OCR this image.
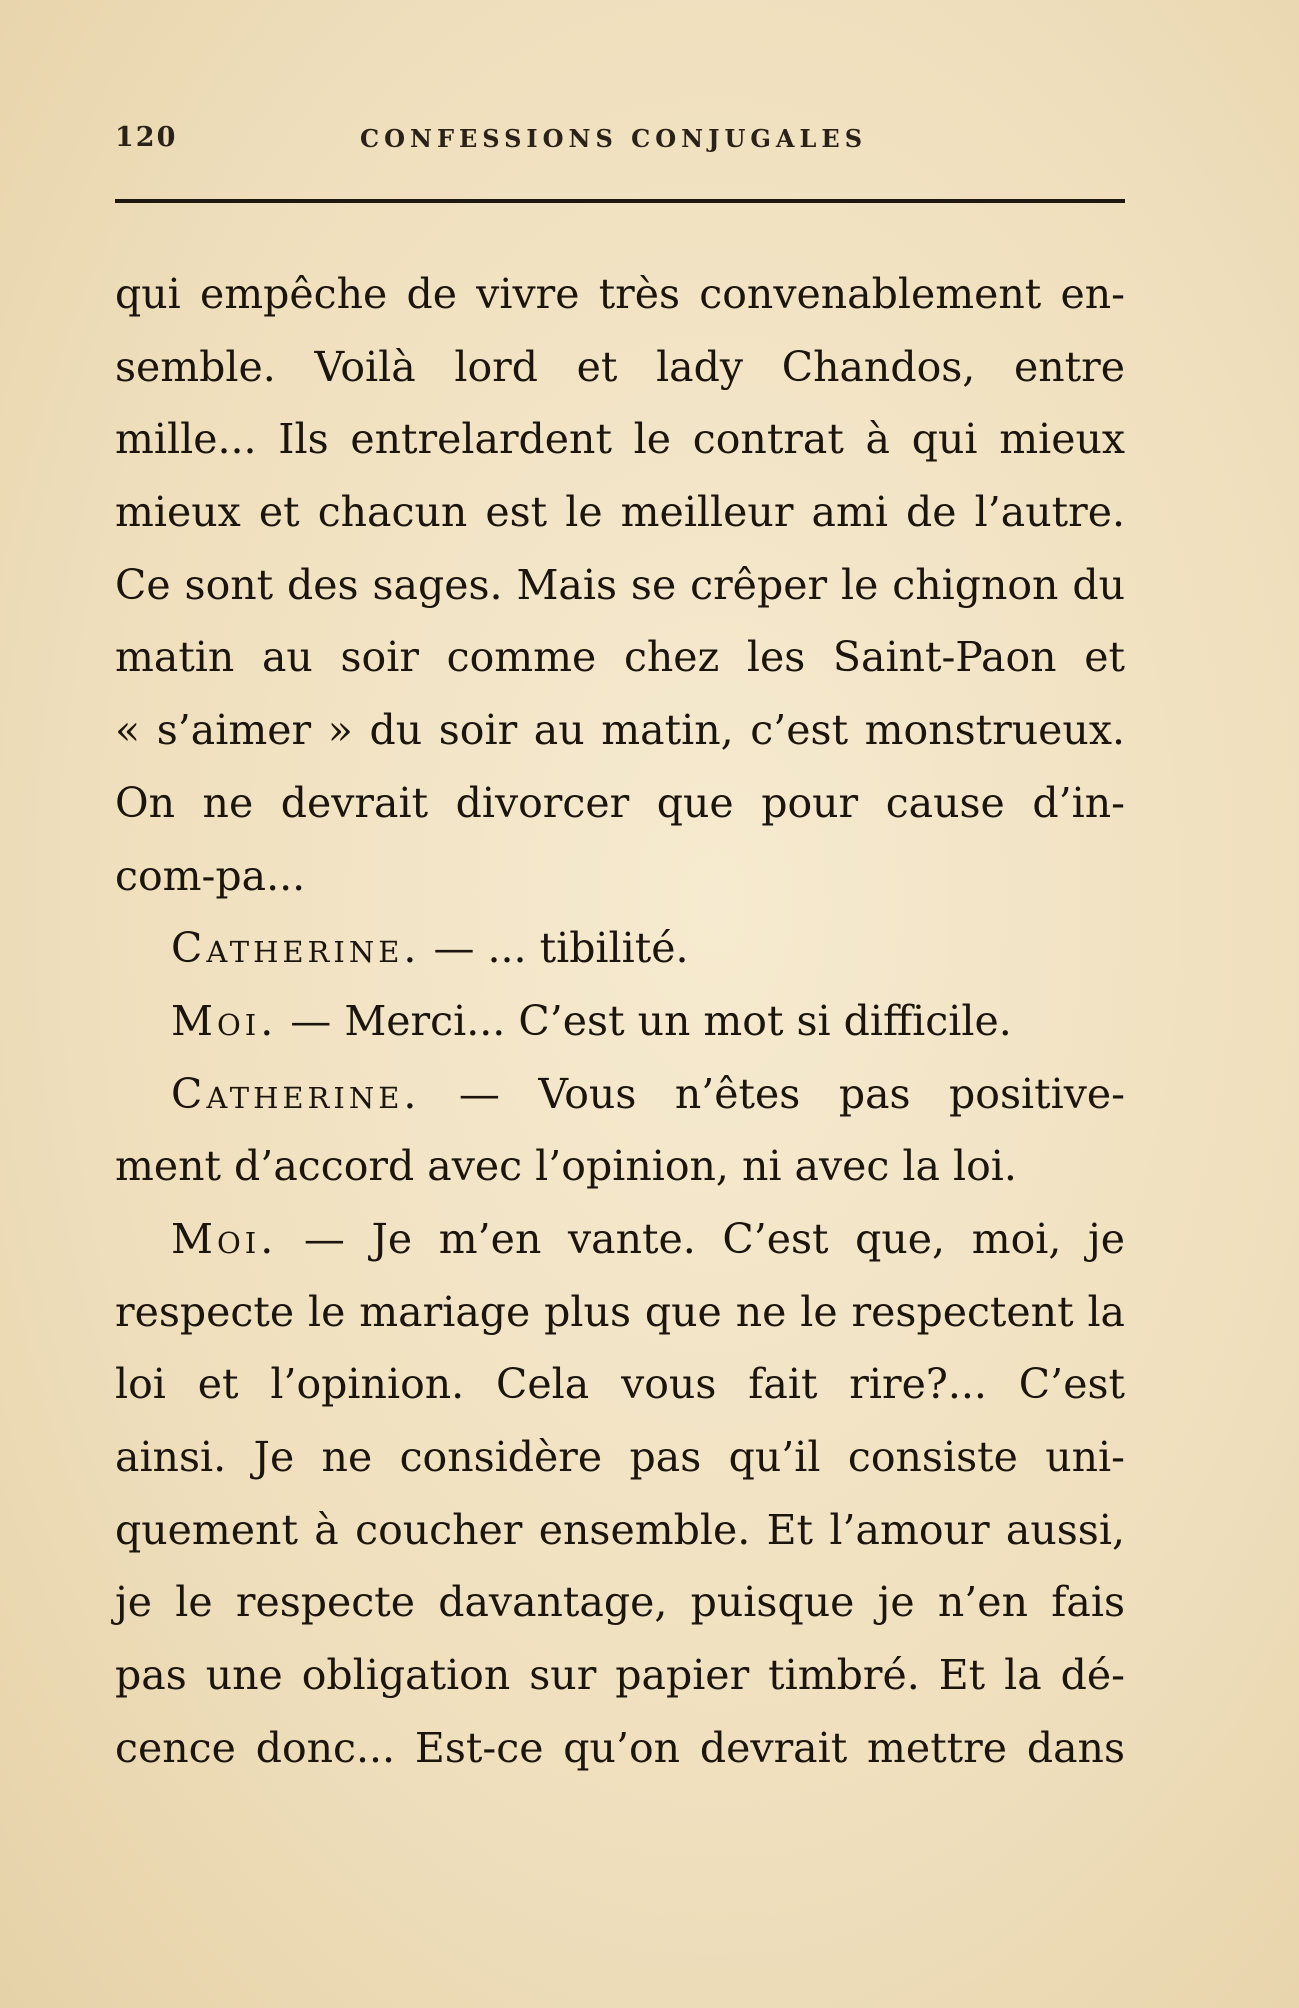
120	CONFESSIONS CONJUGALES
qui empêche de vivre très convenablement en-
semble. Voilà lord et lady Chandos, entre
mille... Ils entrelardent le contrat à qui mieux
mieux et chacun est le meilleur ami de l’autre.
Ce sont des sages. Mais se crêper le chignon du
matin au soir comme chez les Saint-Paon et
« s’aimer » du soir au matin, c’est monstrueux.
On ne devrait divorcer que pour cause d’in-
com-pa...
Catherine. — ... tibilité.
Moi. — Merci... C’est un mot si difficile.
Catherine. — Vous n’êtes pas positive-
ment d’accord avec l’opinion, ni avec la loi.
Moi. — Je m’en vante. C’est que, moi, je
respecte le mariage plus que ne le respectent la
loi et l’opinion. Cela vous fait rire?... C’est
ainsi. Je ne considère pas qu’il consiste uni-
quement à coucher ensemble. Et l’amour aussi,
je le respecte davantage, puisque je n’en fais
pas une obligation sur papier timbré. Et la dé-
cence donc... Est-ce qu’on devrait mettre dans
